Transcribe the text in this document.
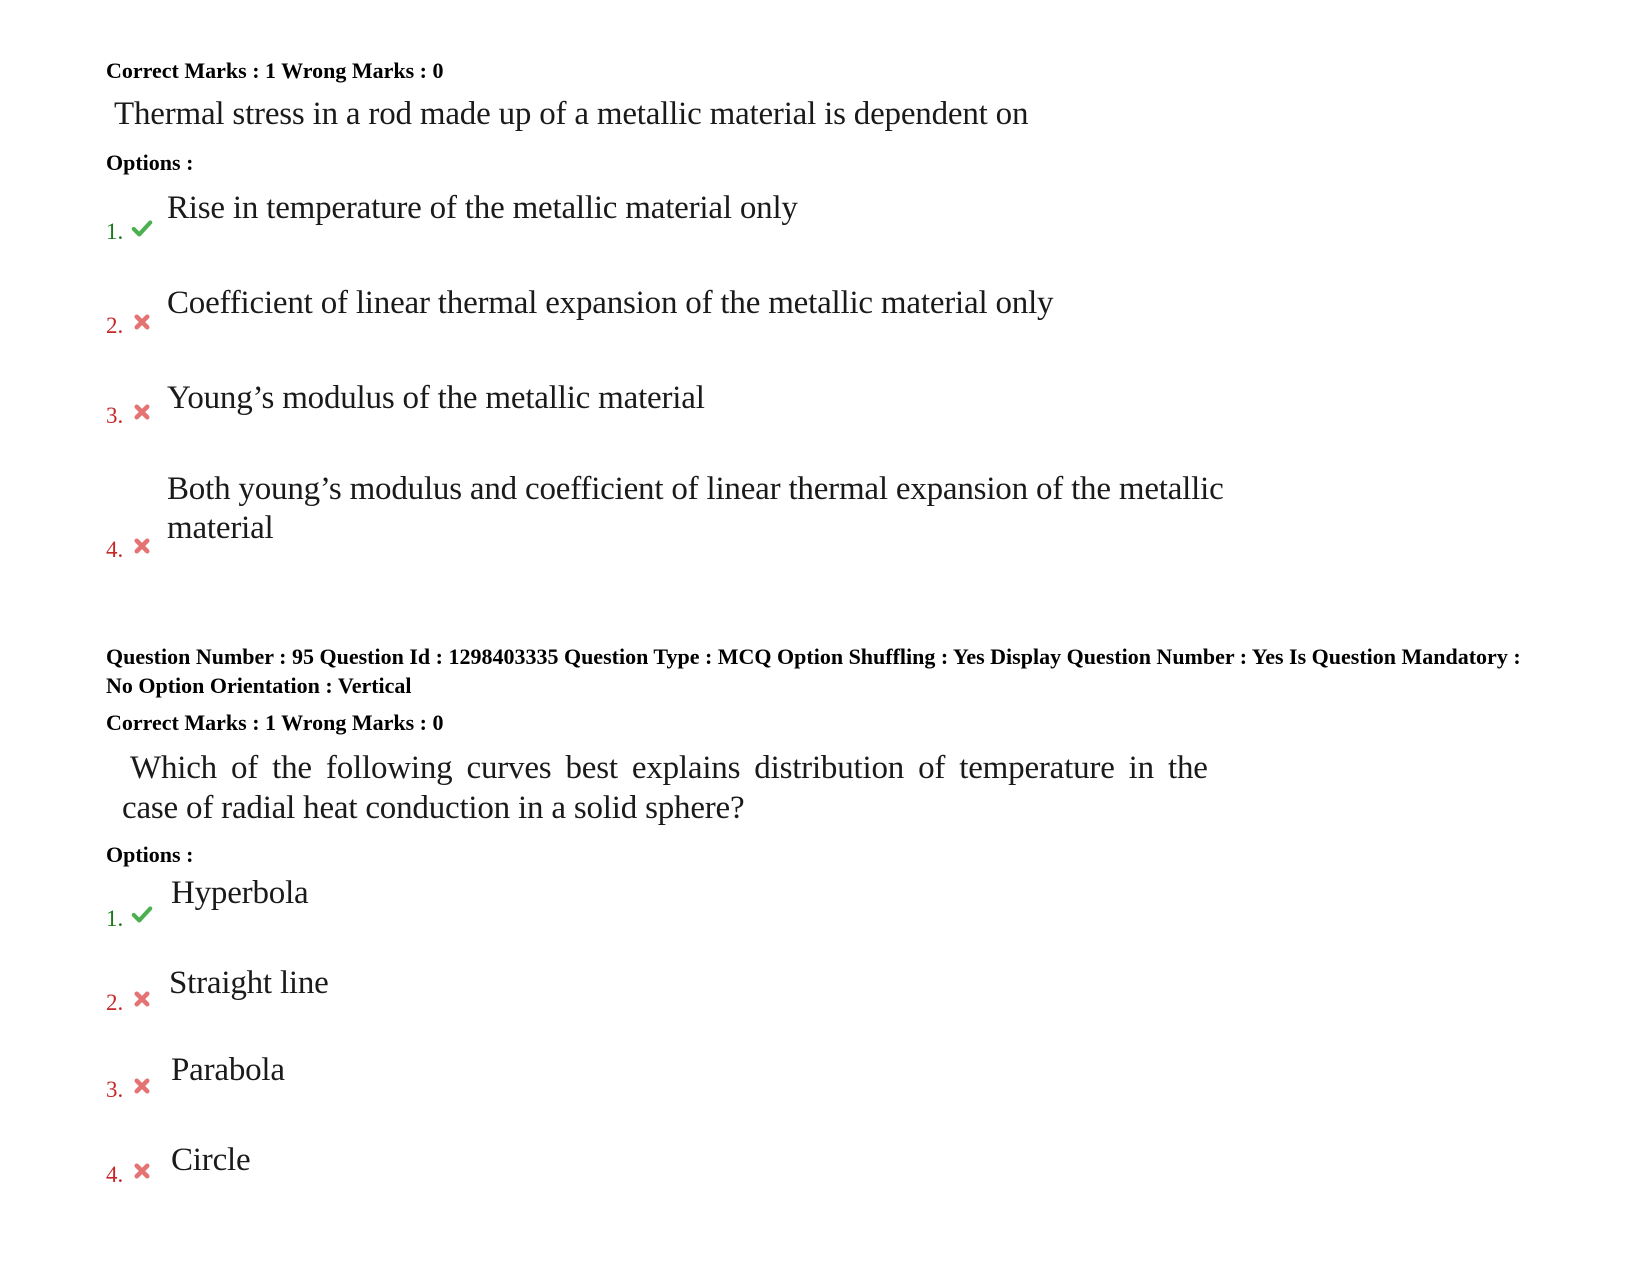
Correct Marks : 1 Wrong Marks : 0
Thermal stress in a rod made up of a metallic material is dependent on
Options :
1.
Rise in temperature of the metallic material only
2.
Coefficient of linear thermal expansion of the metallic material only
3. Young’s modulus of the metallic material
4.
Both young’s modulus and coefficient of linear thermal expansion of the metallic material
Question Number : 95 Question Id : 1298403335 Question Type : MCQ Option Shuffling : Yes Display Question Number : Yes Is Question Mandatory : No Option Orientation : Vertical
Correct Marks : 1 Wrong Marks : 0
Which of the following curves best explains distribution of temperature in the
case of radial heat conduction in a solid sphere?
Options :
1.
Hyperbola
2.
Straight line
3.
Parabola
4. Circle
